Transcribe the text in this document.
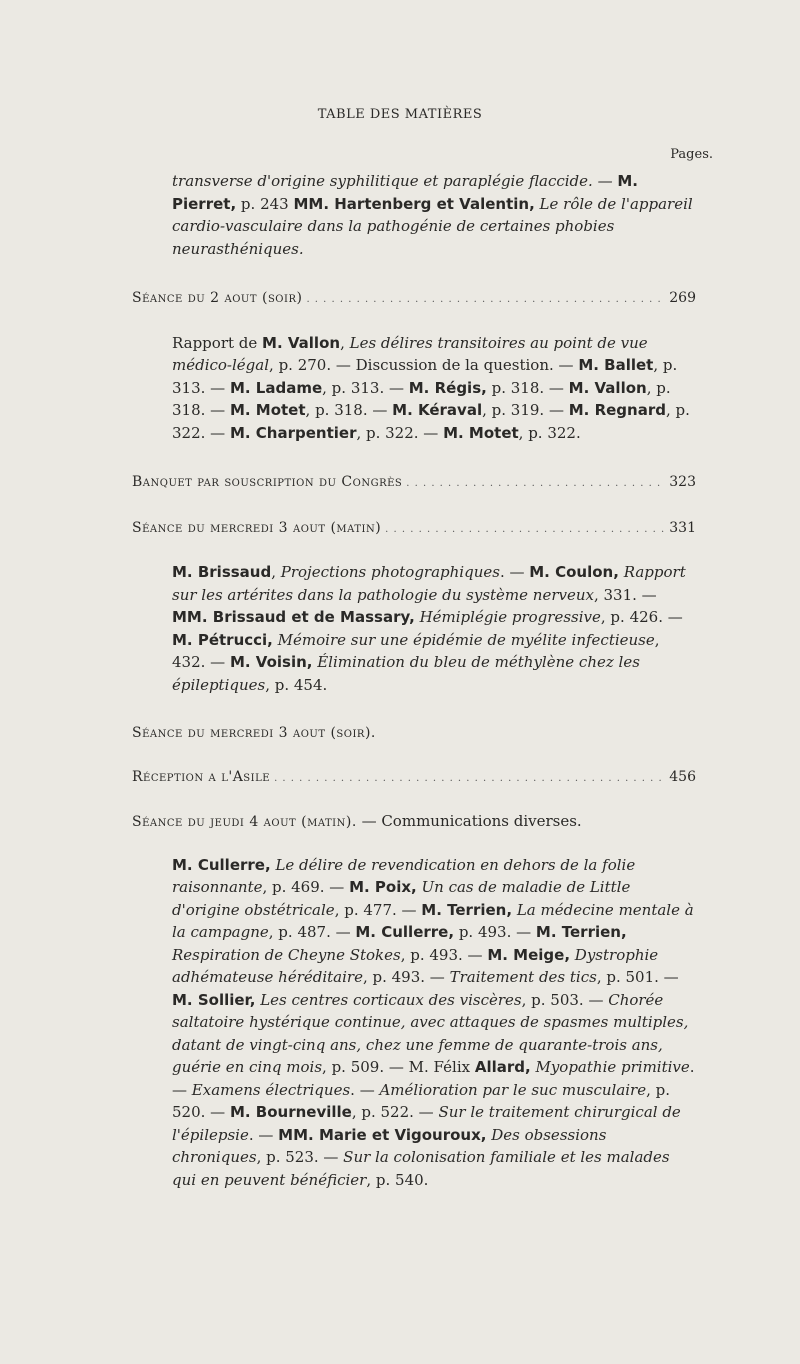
TABLE DES MATIÈRES
Pages.

transverse d'origine syphilitique et paraplégie flaccide. — M. Pierret, p. 243 MM. Hartenberg et Valentin, Le rôle de l'appareil cardio-vasculaire dans la pathogénie de certaines phobies neurasthéniques.

Séance du 2 aout (soir) . . .	269

Rapport de M. Vallon, Les délires transitoires au point de vue médico-légal, p. 270. — Discussion de la question. — M. Ballet, p. 313. — M. Ladame, p. 313. — M. Régis, p. 318. — M. Vallon, p. 318. — M. Motet, p. 318. — M. Kéraval, p. 319. — M. Regnard, p. 322. — M. Charpentier, p. 322. — M. Motet, p. 322.

Banquet par souscription du Congrès . . .	323
Séance du mercredi 3 aout (matin) . . .	331

M. Brissaud, Projections photographiques. — M. Coulon, Rapport sur les artérites dans la pathologie du système nerveux, 331. — MM. Brissaud et de Massary, Hémiplégie progressive, p. 426. — M. Pétrucci, Mémoire sur une épidémie de myélite infectieuse, 432. — M. Voisin, Élimination du bleu de méthylène chez les épileptiques, p. 454.

Séance du mercredi 3 aout (soir).
Réception a l'Asile . . .	456
Séance du jeudi 4 aout (matin). — Communications diverses.

M. Cullerre, Le délire de revendication en dehors de la folie raisonnante, p. 469. — M. Poix, Un cas de maladie de Little d'origine obstétricale, p. 477. — M. Terrien, La médecine mentale à la campagne, p. 487. — M. Cullerre, p. 493. — M. Terrien, Respiration de Cheyne Stokes, p. 493. — M. Meige, Dystrophie adhémateuse héréditaire, p. 493. — Traitement des tics, p. 501. — M. Sollier, Les centres corticaux des viscères, p. 503. — Chorée saltatoire hystérique continue, avec attaques de spasmes multiples, datant de vingt-cinq ans, chez une femme de quarante-trois ans, guérie en cinq mois, p. 509. — M. Félix Allard, Myopathie primitive. — Examens électriques. — Amélioration par le suc musculaire, p. 520. — M. Bourneville, p. 522. — Sur le traitement chirurgical de l'épilepsie. — MM. Marie et Vigouroux, Des obsessions chroniques, p. 523. — Sur la colonisation familiale et les malades qui en peuvent bénéficier, p. 540.
